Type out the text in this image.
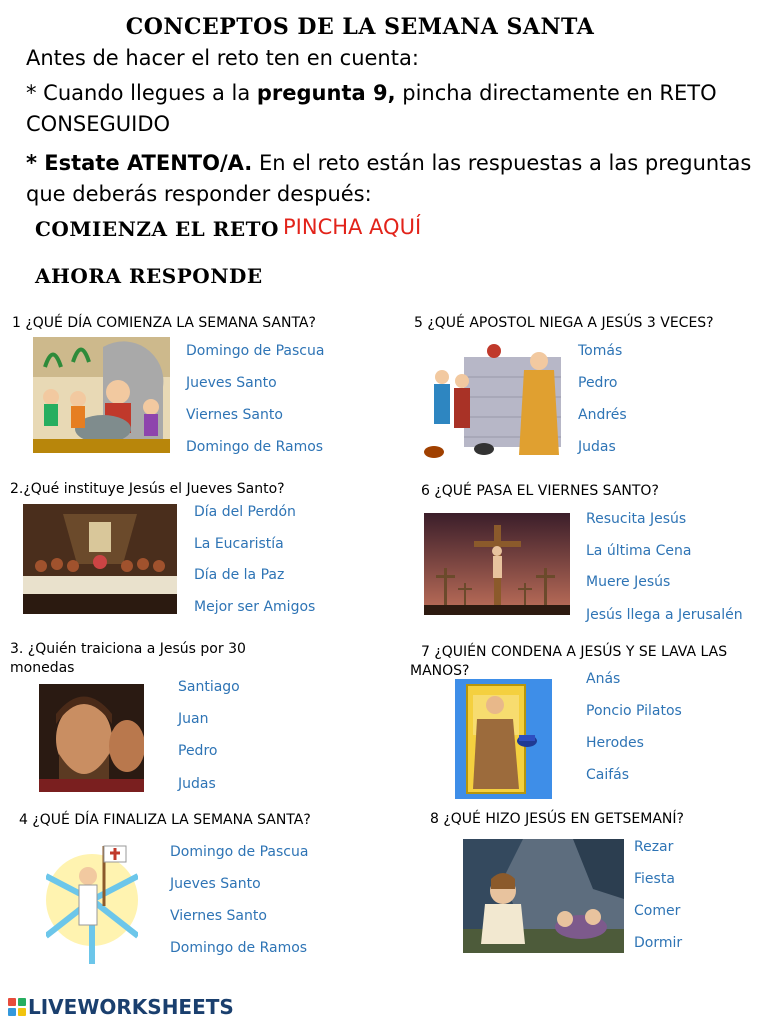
CONCEPTOS DE LA SEMANA SANTA
Antes de hacer el reto ten en cuenta:
* Cuando llegues a la pregunta 9, pincha directamente en RETO
CONSEGUIDO
* Estate ATENTO/A. En el reto están las respuestas a las preguntas
que deberás responder después:
COMIENZA EL RETO PINCHA AQUÍ
AHORA RESPONDE
1 ¿QUÉ DÍA COMIENZA LA SEMANA SANTA?
Domingo de Pascua
Jueves Santo
Viernes Santo
Domingo de Ramos
2.¿Qué instituye Jesús el Jueves Santo?
Día del Perdón
La Eucaristía
Día de la Paz
Mejor ser Amigos
3. ¿Quién traiciona a Jesús por 30
monedas
Santiago
Juan
Pedro
Judas
4 ¿QUÉ DÍA FINALIZA LA SEMANA SANTA?
Domingo de Pascua
Jueves Santo
Viernes Santo
Domingo de Ramos
5 ¿QUÉ APOSTOL NIEGA A JESÚS 3 VECES?
Tomás
Pedro
Andrés
Judas
6 ¿QUÉ PASA EL VIERNES SANTO?
Resucita Jesús
La última Cena
Muere Jesús
Jesús llega a Jerusalén
7 ¿QUIÉN CONDENA A JESÚS Y SE LAVA LAS
MANOS?	Anás
Poncio Pilatos
Herodes
Caifás
8 ¿QUÉ HIZO JESÚS EN GETSEMANÍ?
Rezar
Fiesta
Comer
Dormir
LIVEWORKSHEETS
